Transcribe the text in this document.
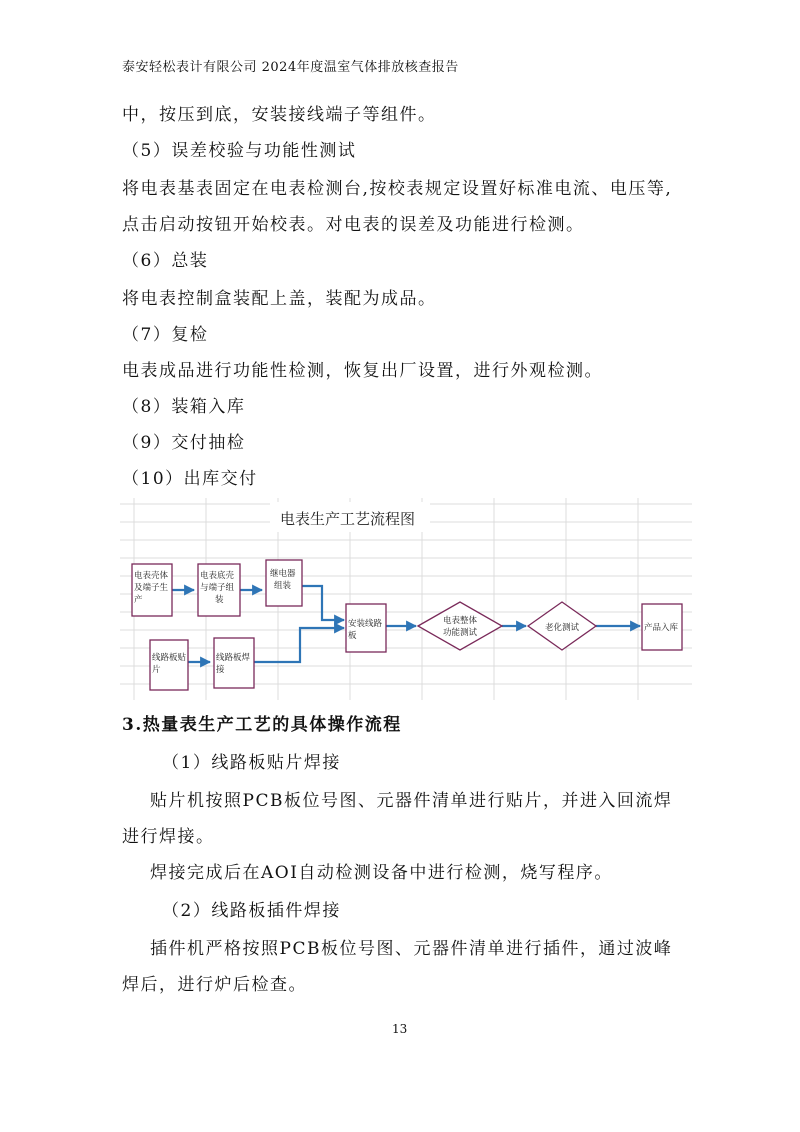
泰安轻松表计有限公司 2024年度温室气体排放核查报告
中，按压到底，安装接线端子等组件。
（5）误差校验与功能性测试
将电表基表固定在电表检测台,按校表规定设置好标准电流、电压等,
点击启动按钮开始校表。对电表的误差及功能进行检测。
（6）总装
将电表控制盒装配上盖，装配为成品。
（7）复检
电表成品进行功能性检测，恢复出厂设置，进行外观检测。
（8）装箱入库
（9）交付抽检
（10）出库交付
电表生产工艺流程图
电表壳体
及端子生
产
电表底壳
与端子组
装
继电器
组装
线路板贴
片
线路板焊
接
安装线路
板
电表整体
功能测试	老化测试	产品入库
3.热量表生产工艺的具体操作流程
（1）线路板贴片焊接
贴片机按照PCB板位号图、元器件清单进行贴片，并进入回流焊
进行焊接。
焊接完成后在AOI自动检测设备中进行检测，烧写程序。
（2）线路板插件焊接
插件机严格按照PCB板位号图、元器件清单进行插件，通过波峰
焊后，进行炉后检查。
13
